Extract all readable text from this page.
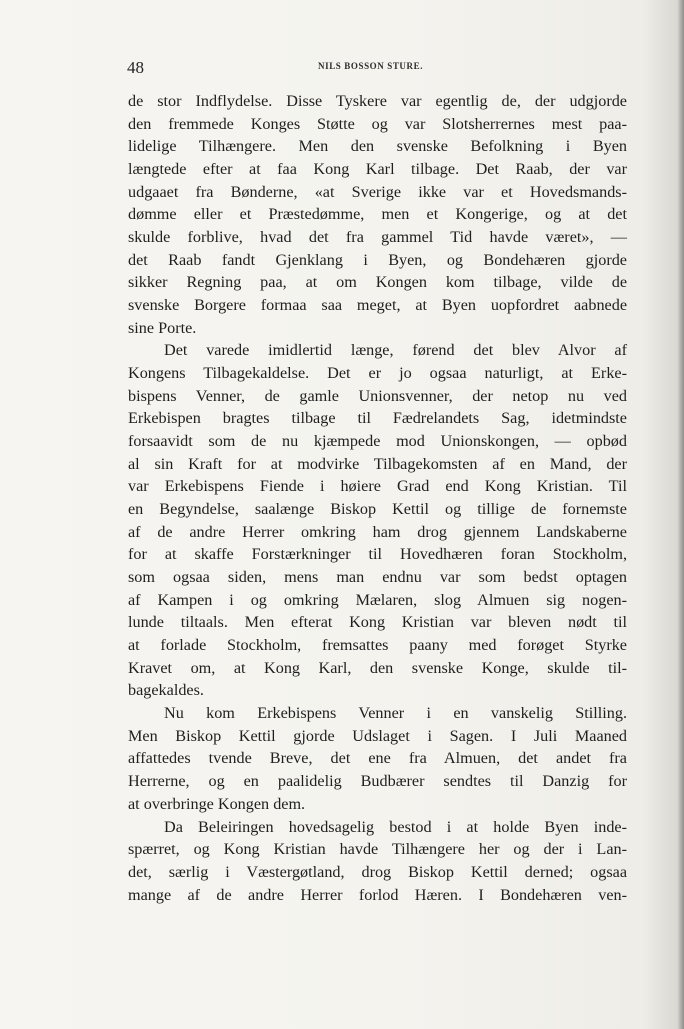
48	NILS BOSSON STURE.
de stor Indflydelse. Disse Tyskere var egentlig de, der udgjorde
den fremmede Konges Støtte og var Slotsherrernes mest paa-
lidelige Tilhængere. Men den svenske Befolkning i Byen
længtede efter at faa Kong Karl tilbage. Det Raab, der var
udgaaet fra Bønderne, «at Sverige ikke var et Hovedsmands-
dømme eller et Præstedømme, men et Kongerige, og at det
skulde forblive, hvad det fra gammel Tid havde været», —
det Raab fandt Gjenklang i Byen, og Bondehæren gjorde
sikker Regning paa, at om Kongen kom tilbage, vilde de
svenske Borgere formaa saa meget, at Byen uopfordret aabnede
sine Porte.
Det varede imidlertid længe, førend det blev Alvor af
Kongens Tilbagekaldelse. Det er jo ogsaa naturligt, at Erke-
bispens Venner, de gamle Unionsvenner, der netop nu ved
Erkebispen bragtes tilbage til Fædrelandets Sag, idetmindste
forsaavidt som de nu kjæmpede mod Unionskongen, — opbød
al sin Kraft for at modvirke Tilbagekomsten af en Mand, der
var Erkebispens Fiende i høiere Grad end Kong Kristian. Til
en Begyndelse, saalænge Biskop Kettil og tillige de fornemste
af de andre Herrer omkring ham drog gjennem Landskaberne
for at skaffe Forstærkninger til Hovedhæren foran Stockholm,
som ogsaa siden, mens man endnu var som bedst optagen
af Kampen i og omkring Mælaren, slog Almuen sig nogen-
lunde tiltaals. Men efterat Kong Kristian var bleven nødt til
at forlade Stockholm, fremsattes paany med forøget Styrke
Kravet om, at Kong Karl, den svenske Konge, skulde til-
bagekaldes.
Nu kom Erkebispens Venner i en vanskelig Stilling.
Men Biskop Kettil gjorde Udslaget i Sagen. I Juli Maaned
affattedes tvende Breve, det ene fra Almuen, det andet fra
Herrerne, og en paalidelig Budbærer sendtes til Danzig for
at overbringe Kongen dem.
Da Beleiringen hovedsagelig bestod i at holde Byen inde-
spærret, og Kong Kristian havde Tilhængere her og der i Lan-
det, særlig i Væstergøtland, drog Biskop Kettil derned; ogsaa
mange af de andre Herrer forlod Hæren. I Bondehæren ven-
